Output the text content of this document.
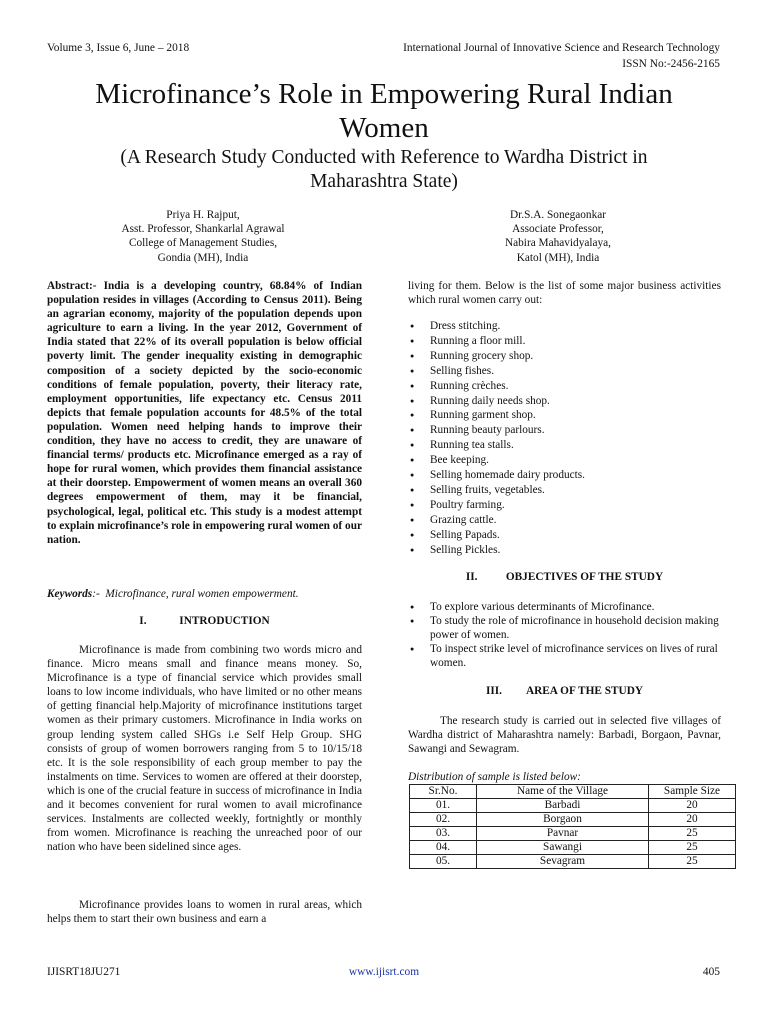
Volume 3, Issue 6, June – 2018	International Journal of Innovative Science and Research Technology
ISSN No:-2456-2165
Microfinance’s Role in Empowering Rural Indian
Women
(A Research Study Conducted with Reference to Wardha District in
Maharashtra State)
Priya H. Rajput,
Asst. Professor, Shankarlal Agrawal
College of Management Studies,
Gondia (MH), India
Dr.S.A. Sonegaonkar
Associate Professor,
Nabira Mahavidyalaya,
Katol (MH), India

Abstract:- India is a developing country, 68.84% of Indian population resides in villages (According to Census 2011). Being an agrarian economy, majority of the population depends upon agriculture to earn a living. In the year 2012, Government of India stated that 22% of its overall population is below official poverty limit. The gender inequality existing in demographic composition of a society depicted by the socio-economic conditions of female population, poverty, their literacy rate, employment opportunities, life expectancy etc. Census 2011 depicts that female population accounts for 48.5% of the total population. Women need helping hands to improve their condition, they have no access to credit, they are unaware of financial terms/ products etc. Microfinance emerged as a ray of hope for rural women, which provides them financial assistance at their doorstep. Empowerment of women means an overall 360 degrees empowerment of them, may it be financial, psychological, legal, political etc. This study is a modest attempt to explain microfinance’s role in empowering rural women of our nation.

Keywords:- Microfinance, rural women empowerment.
I.	INTRODUCTION

Microfinance is made from combining two words micro and finance. Micro means small and finance means money. So, Microfinance is a type of financial service which provides small loans to low income individuals, who have limited or no other means of getting financial help.Majority of microfinance institutions target women as their primary customers. Microfinance in India works on group lending system called SHGs i.e Self Help Group. SHG consists of group of women borrowers ranging from 5 to 10/15/18 etc. It is the sole responsibility of each group member to pay the instalments on time. Services to women are offered at their doorstep, which is one of the crucial feature in success of microfinance in India and it becomes convenient for rural women to avail microfinance services. Instalments are collected weekly, fortnightly or monthly from women. Microfinance is reaching the unreached poor of our nation who have been sidelined since ages.

Microfinance provides loans to women in rural areas, which helps them to start their own business and earn a

living for them. Below is the list of some major business activities which rural women carry out:

● Dress stitching.
● Running a floor mill.
● Running grocery shop.
● Selling fishes.
● Running crèches.
● Running daily needs shop.
● Running garment shop.
● Running beauty parlours.
● Running tea stalls.
● Bee keeping.
● Selling homemade dairy products.
● Selling fruits, vegetables.
● Poultry farming.
● Grazing cattle.
● Selling Papads.
● Selling Pickles.
II.	OBJECTIVES OF THE STUDY
● To explore various determinants of Microfinance.
● To study the role of microfinance in household decision making power of women.
● To inspect strike level of microfinance services on lives of rural women.
III. AREA OF THE STUDY

The research study is carried out in selected five villages of Wardha district of Maharashtra namely: Barbadi, Borgaon, Pavnar, Sawangi and Sewagram.

Distribution of sample is listed below:
Sr.No.	Name of the Village	Sample Size
01.	Barbadi	20
02.	Borgaon	20
03.	Pavnar	25
04.	Sawangi	25
05.	Sevagram	25
IJISRT18JU271	www.ijisrt.com	405
